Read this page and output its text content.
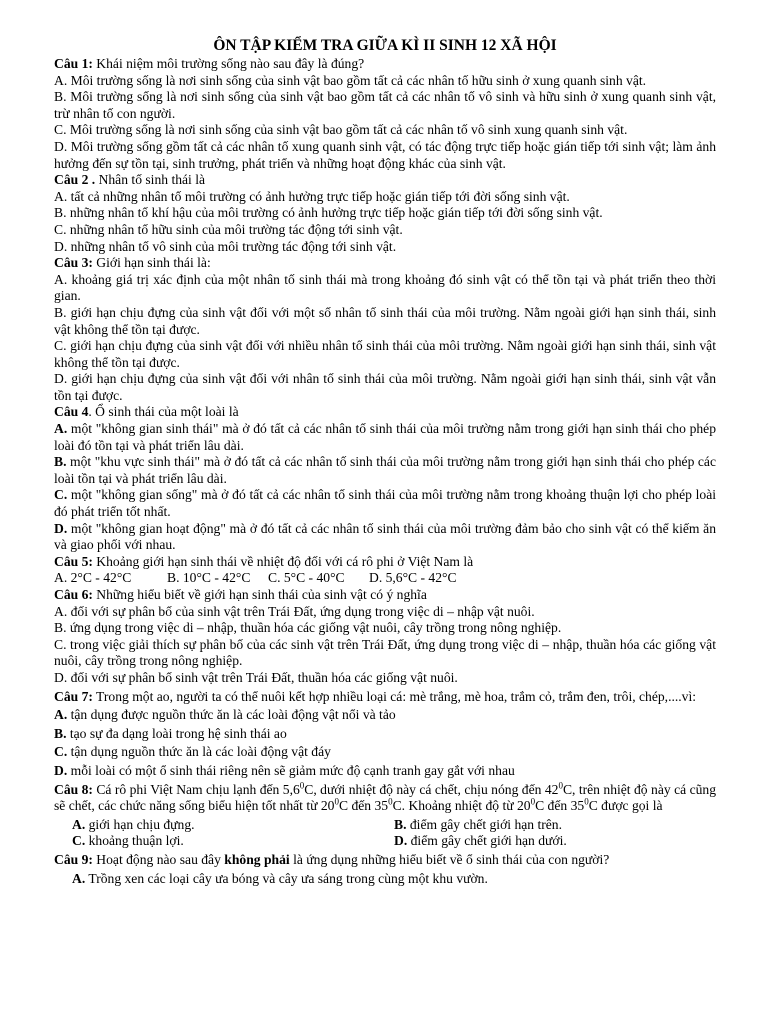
ÔN TẬP KIỂM TRA GIỮA KÌ II SINH 12 XÃ HỘI

Câu 1: Khái niệm môi trường sống nào sau đây là đúng?

A. Môi trường sống là nơi sinh sống của sinh vật bao gồm tất cả các nhân tố hữu sinh ở xung quanh sinh vật.

B. Môi trường sống là nơi sinh sống của sinh vật bao gồm tất cả các nhân tố vô sinh và hữu sinh ở xung quanh sinh vật, trừ nhân tố con người.

C. Môi trường sống là nơi sinh sống của sinh vật bao gồm tất cả các nhân tố vô sinh xung quanh sinh vật.

D. Môi trường sống gồm tất cả các nhân tố xung quanh sinh vật, có tác động trực tiếp hoặc gián tiếp tới sinh vật; làm ảnh hưởng đến sự tồn tại, sinh trưởng, phát triển và những hoạt động khác của sinh vật.

Câu 2 . Nhân tố sinh thái là

A. tất cả những nhân tố môi trường có ảnh hưởng trực tiếp hoặc gián tiếp tới đời sống sinh vật.

B. những nhân tố khí hậu của môi trường có ảnh hưởng trực tiếp hoặc gián tiếp tới đời sống sinh vật.

C. những nhân tố hữu sinh của môi trường tác động tới sinh vật.

D. những nhân tố vô sinh của môi trường tác động tới sinh vật.

Câu 3: Giới hạn sinh thái là:

A. khoảng giá trị xác định của một nhân tố sinh thái mà trong khoảng đó sinh vật có thể tồn tại và phát triển theo thời gian.

B. giới hạn chịu đựng của sinh vật đối với một số nhân tố sinh thái của môi trường. Nằm ngoài giới hạn sinh thái, sinh vật không thể tồn tại được.

C. giới hạn chịu đựng của sinh vật đối với nhiều nhân tố sinh thái của môi trường. Nằm ngoài giới hạn sinh thái, sinh vật không thể tồn tại được.

D. giới hạn chịu đựng của sinh vật đối với nhân tố sinh thái của môi trường. Nằm ngoài giới hạn sinh thái, sinh vật vẫn tồn tại được.

Câu 4. Ổ sinh thái của một loài là

A. một "không gian sinh thái" mà ở đó tất cả các nhân tố sinh thái của môi trường nằm trong giới hạn sinh thái cho phép loài đó tồn tại và phát triển lâu dài.

B. một "khu vực sinh thái" mà ở đó tất cả các nhân tố sinh thái của môi trường nằm trong giới hạn sinh thái cho phép các loài tồn tại và phát triển lâu dài.

C. một "không gian sống" mà ở đó tất cả các nhân tố sinh thái của môi trường nằm trong khoảng thuận lợi cho phép loài đó phát triển tốt nhất.

D. một "không gian hoạt động" mà ở đó tất cả các nhân tố sinh thái của môi trường đảm bảo cho sinh vật có thể kiếm ăn và giao phối với nhau.

Câu 5: Khoảng giới hạn sinh thái về nhiệt độ đối với cá rô phi ở Việt Nam là

A. 2°C - 42°C	B. 10°C - 42°C	C. 5°C - 40°C	D. 5,6°C - 42°C

Câu 6: Những hiểu biết về giới hạn sinh thái của sinh vật có ý nghĩa

A. đối với sự phân bố của sinh vật trên Trái Đất, ứng dụng trong việc di – nhập vật nuôi.

B. ứng dụng trong việc di – nhập, thuần hóa các giống vật nuôi, cây trồng trong nông nghiệp.

C. trong việc giải thích sự phân bố của các sinh vật trên Trái Đất, ứng dụng trong việc di – nhập, thuần hóa các giống vật nuôi, cây trồng trong nông nghiệp.

D. đối với sự phân bố sinh vật trên Trái Đất, thuần hóa các giống vật nuôi.

Câu 7: Trong một ao, người ta có thể nuôi kết hợp nhiều loại cá: mè trắng, mè hoa, trắm cỏ, trắm đen, trôi, chép,....vì:

A. tận dụng được nguồn thức ăn là các loài động vật nổi và tảo

B. tạo sự đa dạng loài trong hệ sinh thái ao

C. tận dụng nguồn thức ăn là các loài động vật đáy

D. mỗi loài có một ổ sinh thái riêng nên sẽ giảm mức độ cạnh tranh gay gắt với nhau

Câu 8: Cá rô phi Việt Nam chịu lạnh đến $5,6^0C$, dưới nhiệt độ này cá chết, chịu nóng đến $42^0C$, trên nhiệt độ này cá cũng sẽ chết, các chức năng sống biểu hiện tốt nhất từ $20^0C$ đến $35^0C$. Khoảng nhiệt độ từ $20^0C$ đến $35^0C$ được gọi là

A. giới hạn chịu đựng.	B. điểm gây chết giới hạn trên.
C. khoảng thuận lợi.	D. điểm gây chết giới hạn dưới.

Câu 9: Hoạt động nào sau đây không phải là ứng dụng những hiểu biết về ổ sinh thái của con người?

A. Trồng xen các loại cây ưa bóng và cây ưa sáng trong cùng một khu vườn.
